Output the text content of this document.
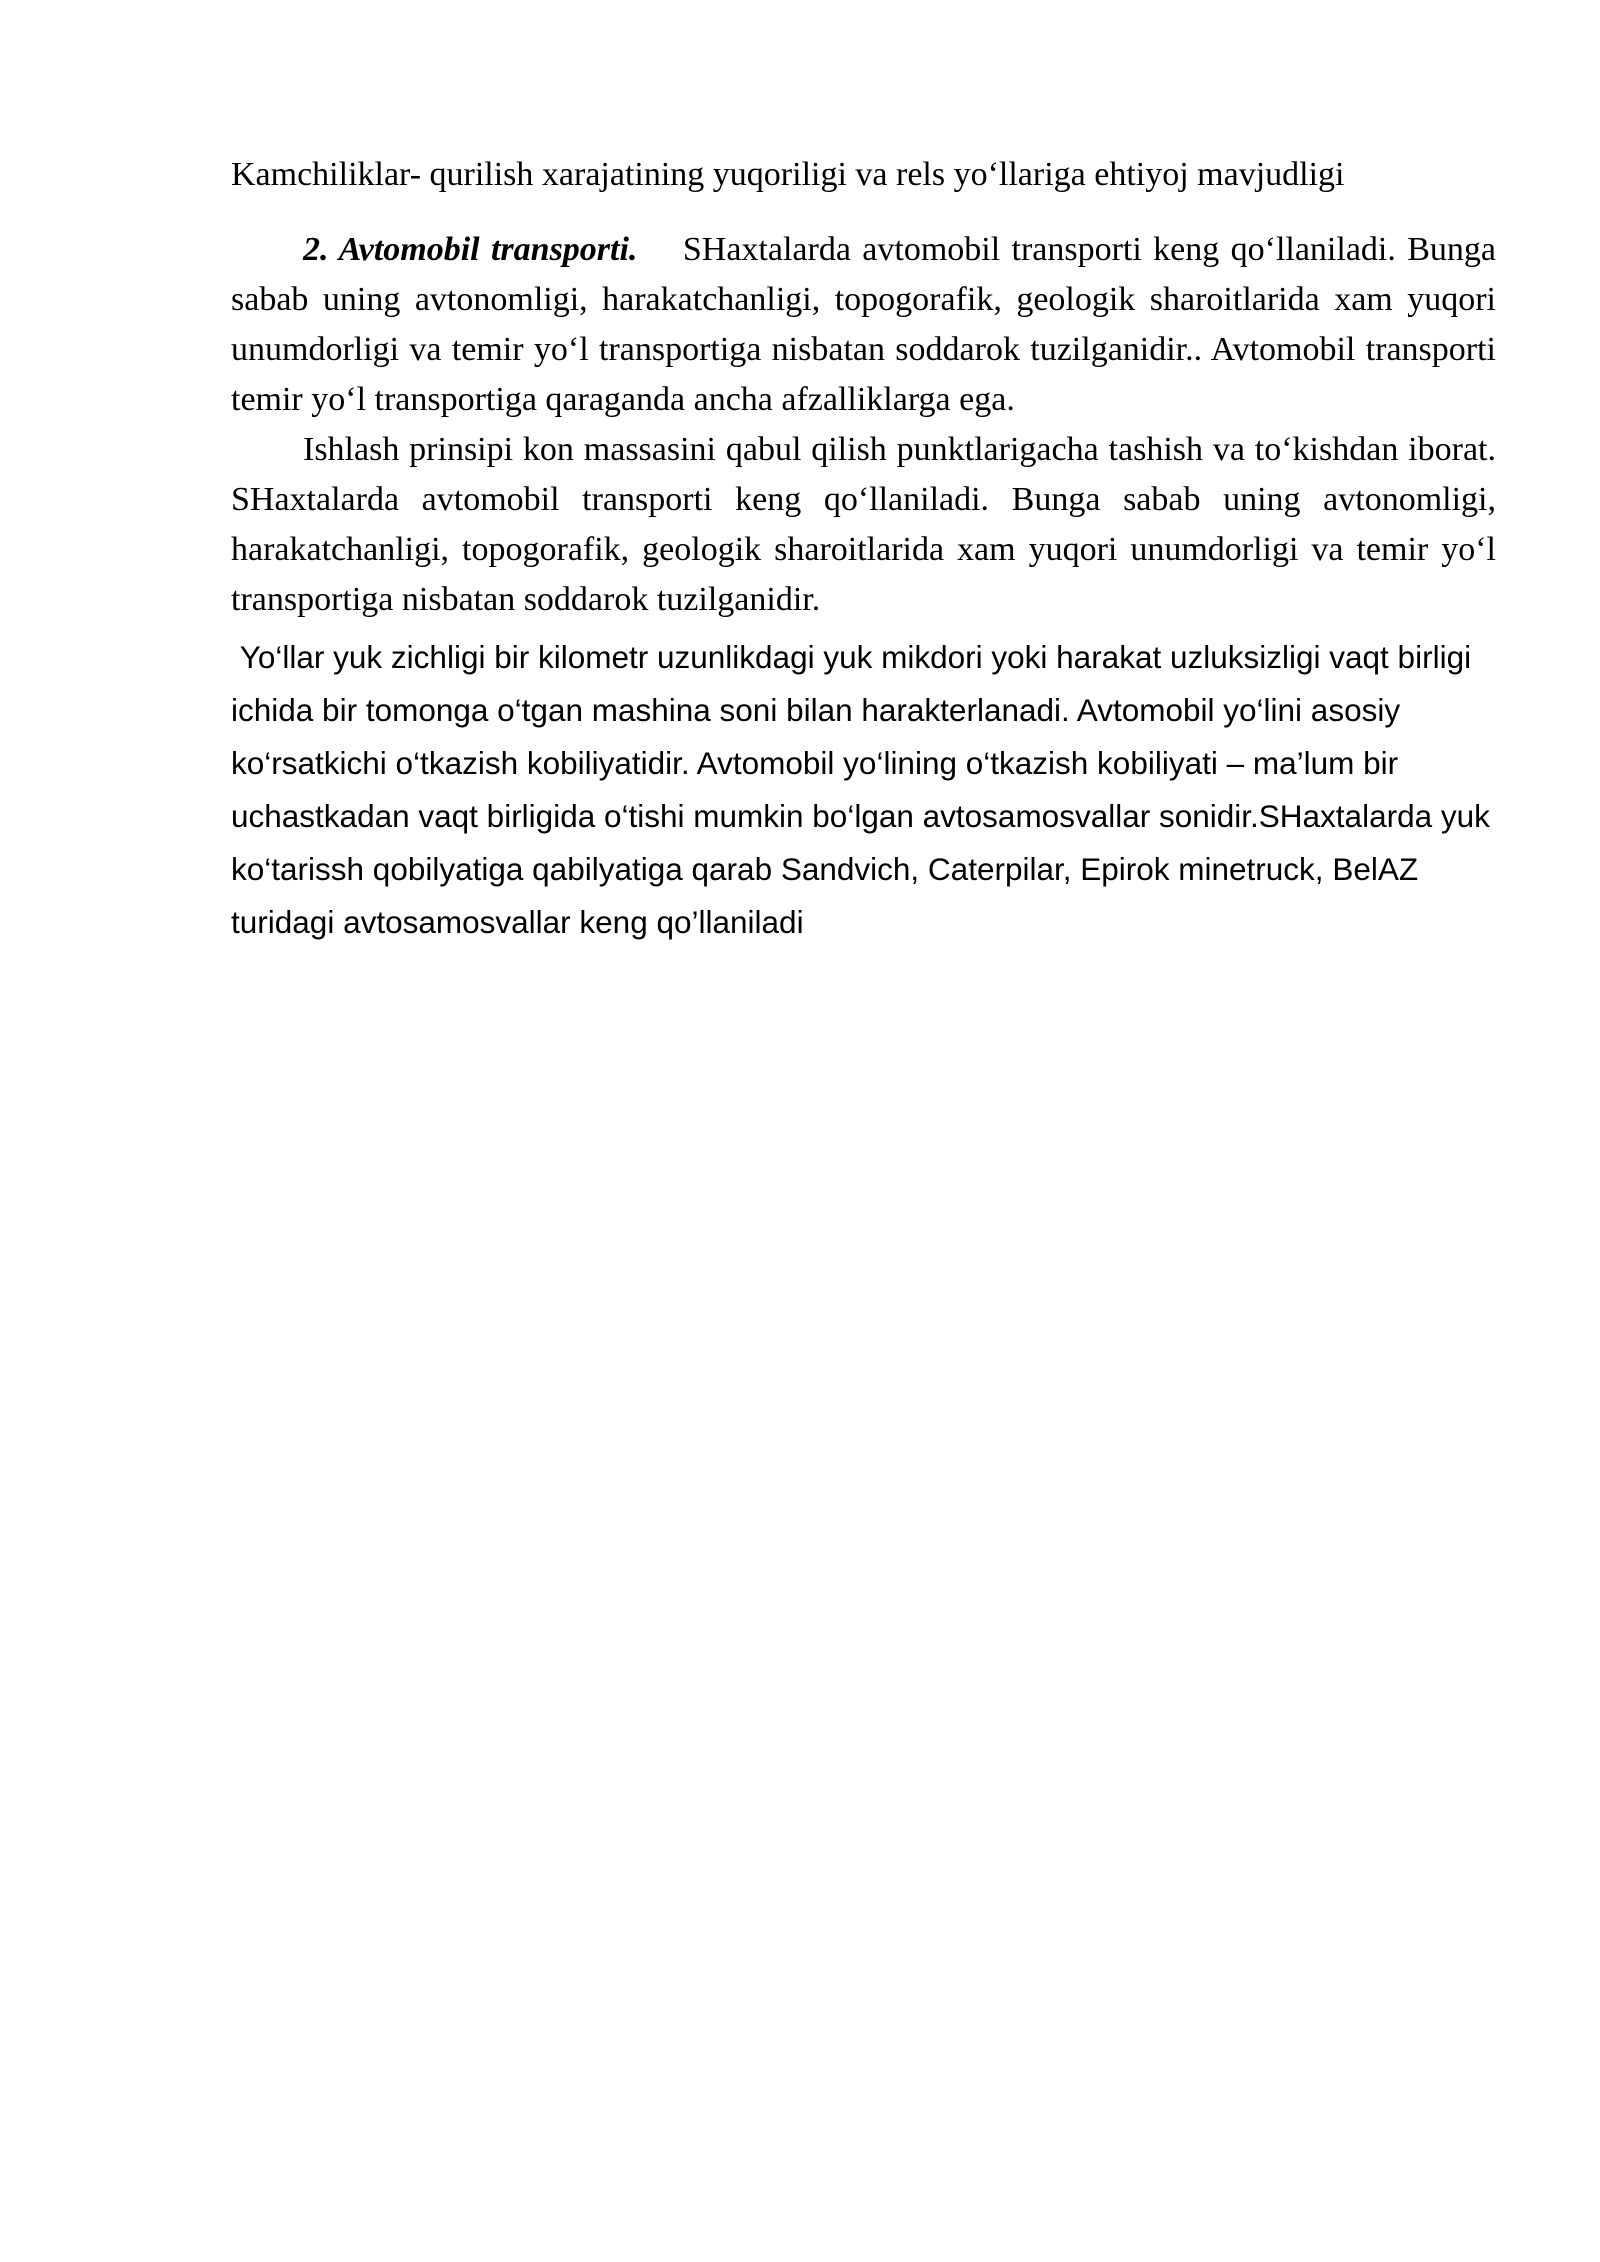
Kamchiliklar- qurilish xarajatining yuqoriligi va rels yo‘llariga ehtiyoj mavjudligi

2. Avtomobil transporti. SHaxtalarda avtomobil transporti keng qo‘llaniladi. Bunga sabab uning avtonomligi, harakatchanligi, topogorafik, geologik sharoitlarida xam yuqori unumdorligi va temir yo‘l transportiga nisbatan soddarok tuzilganidir.. Avtomobil transporti temir yo‘l transportiga qaraganda ancha afzalliklarga ega.

Ishlash prinsipi kon massasini qabul qilish punktlarigacha tashish va to‘kishdan iborat.            SHaxtalarda avtomobil transporti keng qo‘llaniladi. Bunga sabab uning avtonomligi, harakatchanligi, topogorafik, geologik sharoitlarida xam yuqori unumdorligi va temir yo‘l transportiga nisbatan soddarok tuzilganidir.

Yo‘llar yuk zichligi bir kilometr uzunlikdagi yuk mikdori yoki harakat uzluksizligi vaqt birligi ichida bir tomonga o‘tgan mashina soni bilan harakterlanadi. Avtomobil yo‘lini asosiy ko‘rsatkichi o‘tkazish kobiliyatidir. Avtomobil yo‘lining o‘tkazish kobiliyati – ma’lum bir uchastkadan vaqt birligida o‘tishi mumkin bo‘lgan avtosamosvallar sonidir.SHaxtalarda yuk ko‘tarissh qobilyatiga qabilyatiga qarab Sandvich, Caterpilar, Epirok minetruck, BelAZ turidagi avtosamosvallar keng qo’llaniladi
